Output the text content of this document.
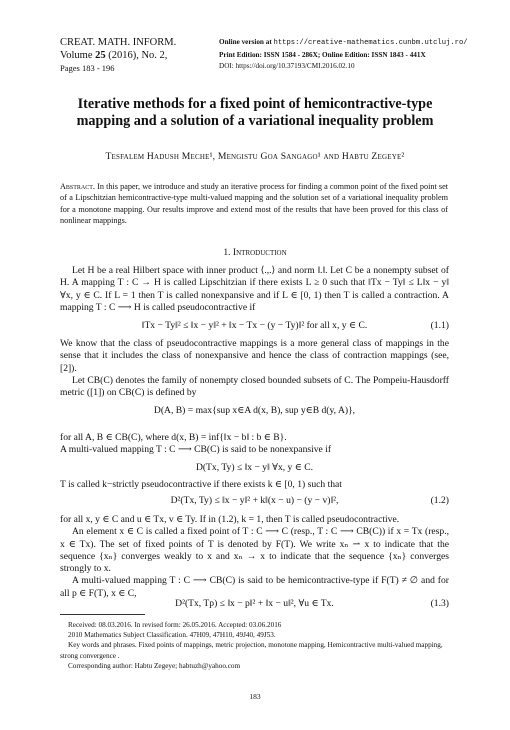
CREAT. MATH. INFORM.
Volume 25 (2016), No. 2,
Pages 183 - 196
Online version at https://creative-mathematics.cunbm.utcluj.ro/
Print Edition: ISSN 1584 - 286X; Online Edition: ISSN 1843 - 441X
DOI: https://doi.org/10.37193/CMI.2016.02.10
Iterative methods for a fixed point of hemicontractive-type
mapping and a solution of a variational inequality problem
Tesfalem Hadush Meche¹, Mengistu Goa Sangago¹ and Habtu Zegeye²
Abstract. In this paper, we introduce and study an iterative process for finding a common point of the fixed point set of a Lipschitzian hemicontractive-type multi-valued mapping and the solution set of a variational inequality problem for a monotone mapping. Our results improve and extend most of the results that have been proved for this class of nonlinear mappings.
1. Introduction

Let H be a real Hilbert space with inner product ⟨.,.⟩ and norm ‖.‖. Let C be a nonempty subset of H. A mapping T : C → H is called Lipschitzian if there exists L ≥ 0 such that ‖Tx − Ty‖ ≤ L‖x − y‖ ∀x, y ∈ C. If L = 1 then T is called nonexpansive and if L ∈ [0, 1) then T is called a contraction. A mapping T : C ⟶ H is called pseudocontractive if

‖Tx − Ty‖² ≤ ‖x − y‖² + ‖x − Tx − (y − Ty)‖² for all x, y ∈ C.	(1.1)

We know that the class of pseudocontractive mappings is a more general class of mappings in the sense that it includes the class of nonexpansive and hence the class of contraction mappings (see, [2]).

Let CB(C) denotes the family of nonempty closed bounded subsets of C. The Pompeiu-Hausdorff metric ([1]) on CB(C) is defined by

D(A, B) = max{sup x∈A d(x, B), sup y∈B d(y, A)},

for all A, B ∈ CB(C), where d(x, B) = inf{‖x − b‖ : b ∈ B}.

A multi-valued mapping T : C ⟶ CB(C) is said to be nonexpansive if

D(Tx, Ty) ≤ ‖x − y‖ ∀x, y ∈ C.

T is called k−strictly pseudocontractive if there exists k ∈ [0, 1) such that

D²(Tx, Ty) ≤ ‖x − y‖² + k‖(x − u) − (y − v)‖²,	(1.2)

for all x, y ∈ C and u ∈ Tx, v ∈ Ty. If in (1.2), k = 1, then T is called pseudocontractive.

An element x ∈ C is called a fixed point of T : C ⟶ C (resp., T : C ⟶ CB(C)) if x = Tx (resp., x ∈ Tx). The set of fixed points of T is denoted by F(T). We write xₙ ⇀ x to indicate that the sequence {xₙ} converges weakly to x and xₙ → x to indicate that the sequence {xₙ} converges strongly to x.

A multi-valued mapping T : C ⟶ CB(C) is said to be hemicontractive-type if F(T) ≠ ∅ and for all p ∈ F(T), x ∈ C,

D²(Tx, Tp) ≤ ‖x − p‖² + ‖x − u‖², ∀u ∈ Tx.	(1.3)

Received: 08.03.2016. In revised form: 26.05.2016. Accepted: 03.06.2016

2010 Mathematics Subject Classification. 47H09, 47H10, 49J40, 49J53.

Key words and phrases. Fixed points of mappings, metric projection, monotone mapping, Hemicontractive multi-valued mapping, strong convergence .

Corresponding author: Habtu Zegeye; habtuzh@yahoo.com

183
